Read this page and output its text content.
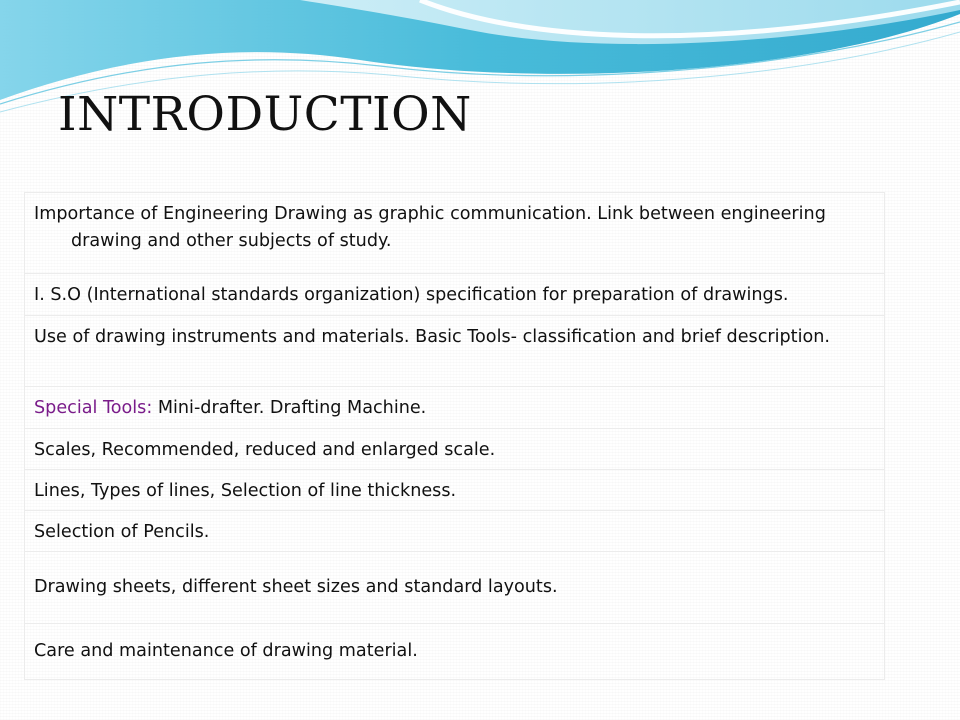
INTRODUCTION

Importance of Engineering Drawing as graphic communication. Link between engineering drawing and other subjects of study.

I. S.O (International standards organization) specification for preparation of drawings.

Use of drawing instruments and materials. Basic Tools- classification and brief description.

Special Tools: Mini-drafter. Drafting Machine.

Scales, Recommended, reduced and enlarged scale.

Lines, Types of lines, Selection of line thickness.

Selection of Pencils.

Drawing sheets, different sheet sizes and standard layouts.

Care and maintenance of drawing material.
